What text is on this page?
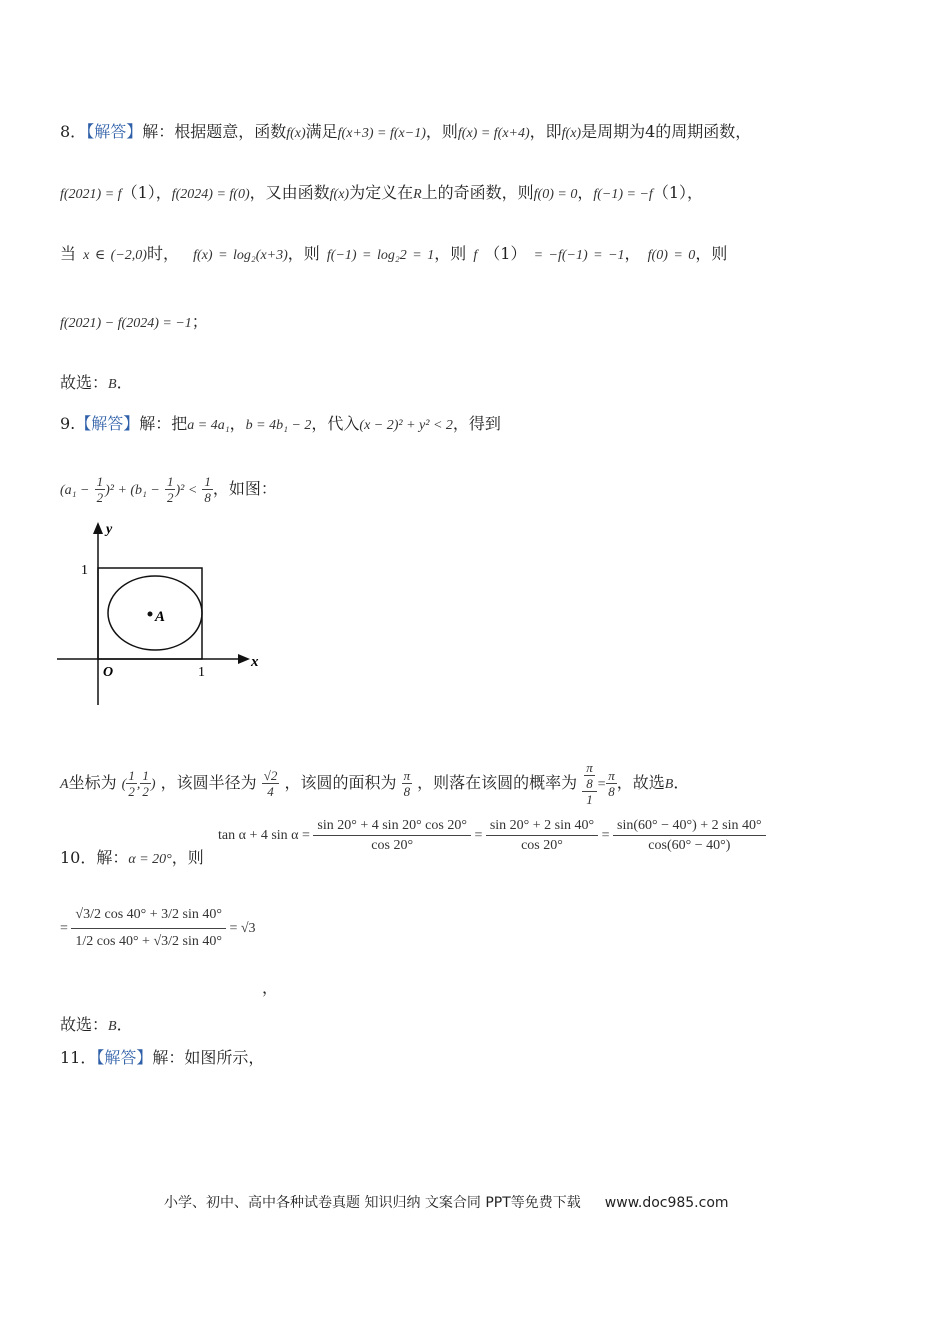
8．【解答】解：根据题意，函数f(x)满足f(x+3) = f(x−1)，则f(x) = f(x+4)，即f(x)是周期为4的周期函数，
f(2021) = f（1），f(2024) = f(0)，又由函数f(x)为定义在R上的奇函数，则f(0) = 0，f(−1) = −f（1），
当 x ∈ (−2,0)时， f(x) = log₂(x+3)，则 f(−1) = log₂2 = 1，则 f （1） = −f(−1) = −1， f(0) = 0，则
f(2021) − f(2024) = −1；
故选：B．
9.【解答】解：把a = 4a₁，b = 4b₁ − 2，代入(x − 2)² + y² < 2，得到
$(a_1 - \frac{1}{2} )^2 + (b_1 - \frac{1}{2} )^2 < \frac{1}{8}$ ，如图：
A
y
x
O	1
1
A坐标为 ( $\frac{1}{2}$ , $\frac{1}{2}$ ) ，该圆半径为 $\frac{√2}{4}$ ，该圆的面积为 $\frac{\pi}{8}$ ，则落在该圆的概率为 $\frac{\frac{\pi}{8}}{1} = \frac{\pi}{8}$ ，故选B．
tan α + 4 $\sin \alpha = \frac{\sin 20^\circ + 4 \sin 20^\circ \cos 20^\circ}{\cos 20^\circ} = \frac{\sin 20^\circ + 2 \sin 40^\circ}{\cos 20^\circ} = \frac{\sin(60^\circ - 40^\circ) + 2 \sin 40^\circ}{\cos(60^\circ - 40^\circ)}$
10．解：α = 20°，则
= $\frac{√3/2 \cos 40^\circ + 3/2 \sin 40^\circ}{1/2 \cos 40^\circ + √3/2 \sin 40^\circ} = √3$
，
故选：B．
11．【解答】解：如图所示，
小学、初中、高中各种试卷真题 知识归纳 文案合同 PPT等免费下载 www.doc985.com
